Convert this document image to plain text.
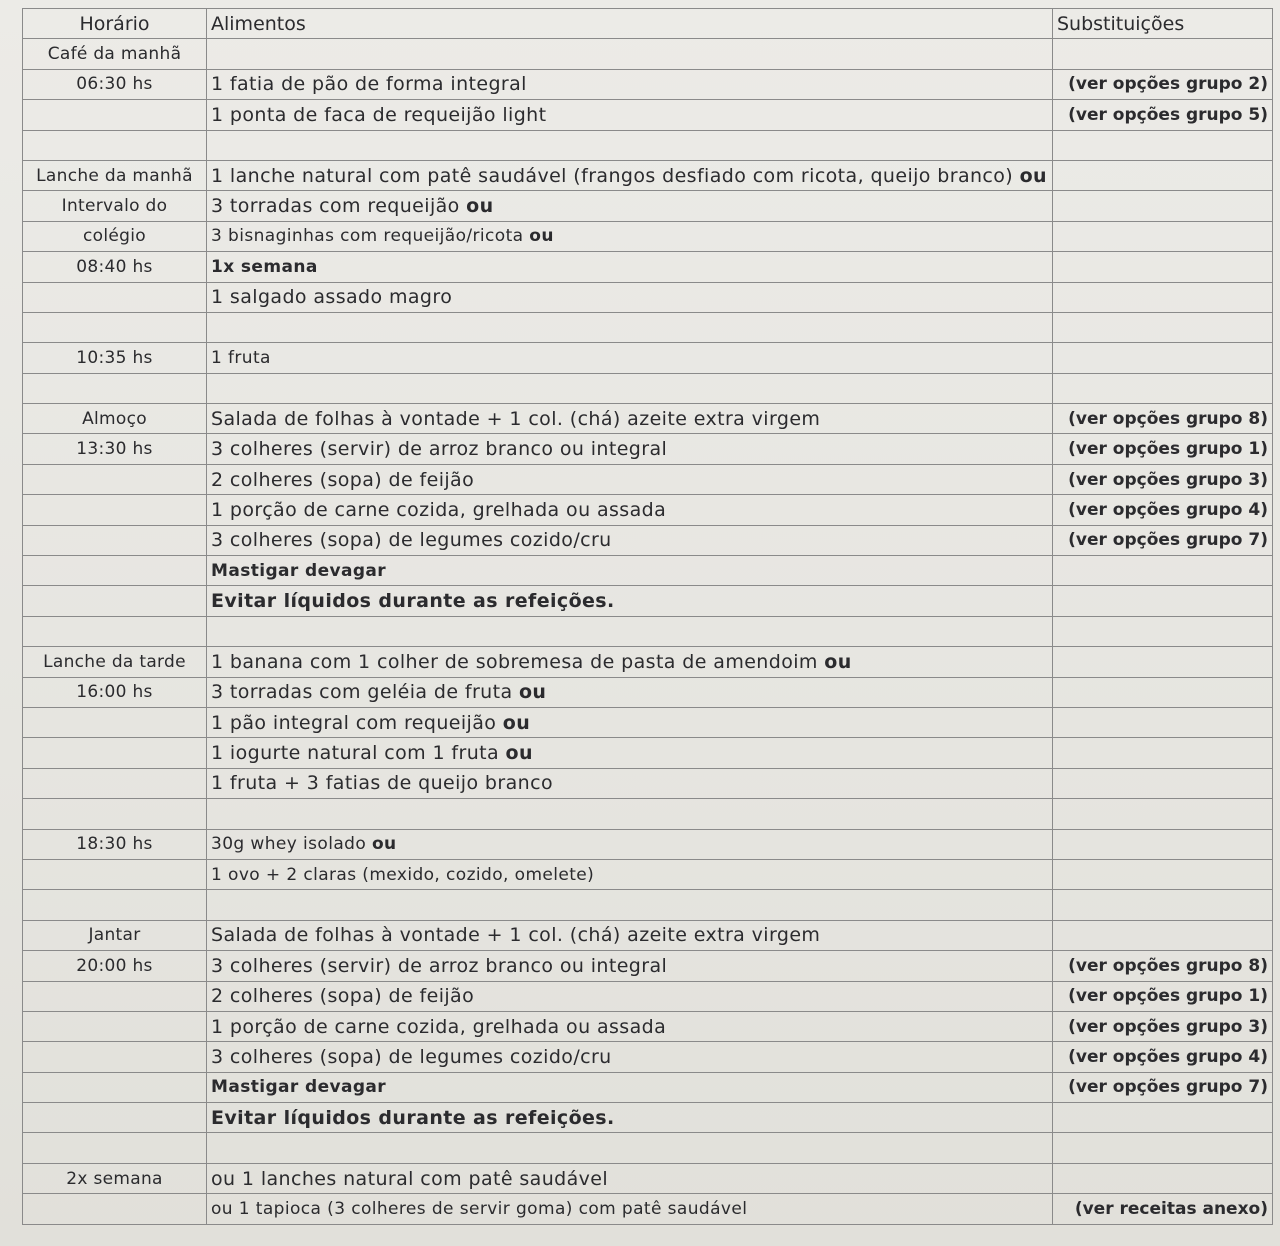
Horário	Alimentos	Substituições
Café da manhã		
06:30 hs	1 fatia de pão de forma integral	(ver opções grupo 2)
	1 ponta de faca de requeijão light	(ver opções grupo 5)

Lanche da manhã	1 lanche natural com patê saudável (frangos desfiado com ricota, queijo branco) ou	
Intervalo do	3 torradas com requeijão ou	
colégio	3 bisnaginhas com requeijão/ricota ou	
08:40 hs	1x semana	
	1 salgado assado magro	

10:35 hs	1 fruta	

Almoço	Salada de folhas à vontade + 1 col. (chá) azeite extra virgem	(ver opções grupo 8)
13:30 hs	3 colheres (servir) de arroz branco ou integral	(ver opções grupo 1)
	2 colheres (sopa) de feijão	(ver opções grupo 3)
	1 porção de carne cozida, grelhada ou assada	(ver opções grupo 4)
	3 colheres (sopa) de legumes cozido/cru	(ver opções grupo 7)
	Mastigar devagar	
	Evitar líquidos durante as refeições.	

Lanche da tarde	1 banana com 1 colher de sobremesa de pasta de amendoim ou	
16:00 hs	3 torradas com geléia de fruta ou	
	1 pão integral com requeijão ou	
	1 iogurte natural com 1 fruta ou	
	1 fruta + 3 fatias de queijo branco	

18:30 hs	30g whey isolado ou	
	1 ovo + 2 claras (mexido, cozido, omelete)	

Jantar	Salada de folhas à vontade + 1 col. (chá) azeite extra virgem	
20:00 hs	3 colheres (servir) de arroz branco ou integral	(ver opções grupo 8)
	2 colheres (sopa) de feijão	(ver opções grupo 1)
	1 porção de carne cozida, grelhada ou assada	(ver opções grupo 3)
	3 colheres (sopa) de legumes cozido/cru	(ver opções grupo 4)
	Mastigar devagar	(ver opções grupo 7)
	Evitar líquidos durante as refeições.	

2x semana	ou 1 lanches natural com patê saudável	
	ou 1 tapioca (3 colheres de servir goma) com patê saudável	(ver receitas anexo)
